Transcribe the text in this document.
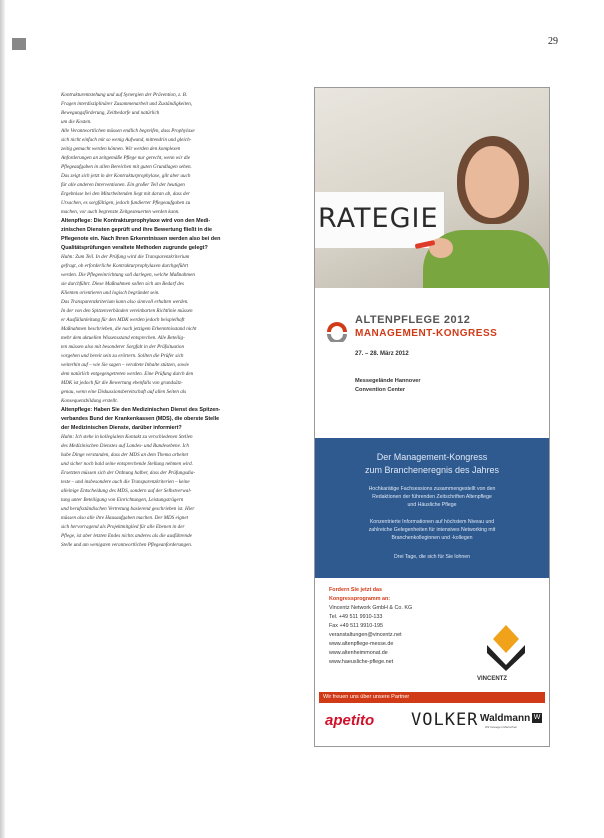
29

Kontrakturentstehung und auf Synergien der Prävention, z. B.

Fragen interdisziplinärer Zusammenarbeit und Zuständigkeiten,

Bewegungsförderung, Zeitbedarfe und natürlich

um die Kosten.

Alle Verantwortlichen müssen endlich begreifen, dass Prophylaxe

sich nicht einfach mit so wenig Aufwand, mittendrin und gleich-

zeitig gemacht werden können. Wir werden den komplexen

Anforderungen an zeitgemäße Pflege nur gerecht, wenn wir die

Pflegeaufgaben in allen Bereichen mit guten Grundlagen sehen.

Das zeigt sich jetzt in der Kontrakturprophylaxe, gilt aber auch

für alle anderen Interventionen. Ein großer Teil der heutigen

Ergebnisse bei den Mitarbeitenden liegt mit daran ab, dass der

Ursachen, es sorgfältigen, jedoch fundierter Pflegeaufgaben zu

machen, vor auch begrenzte Zeitgesteuerten werden kann.

Altenpflege: Die Kontrakturprophylaxe wird von den Medi-

zinischen Diensten geprüft und ihre Bewertung fließt in die

Pflegenote ein. Nach Ihren Erkenntnissen werden also bei den

Qualitätsprüfungen veraltete Methoden zugrunde gelegt?

Huhn: Zum Teil. In der Prüfung wird die Transparenzkriterium

gefragt, ob erforderliche Kontrakturprophylaxen durchgeführt

werden. Die Pflegeeinrichtung soll darlegen, welche Maßnahmen

sie durchführt. Diese Maßnahmen sollen sich am Bedarf des

Klienten orientieren und logisch begründet sein.

Das Transparenzkriterium kann also sinnvoll erhalten werden.

In der von den Spitzenverbänden vereinbarten Richtlinie müssen

er Ausfüllanleitung für den MDK werden jedoch beispielhaft

Maßnahmen beschrieben, die nach jetzigem Erkenntnisstand nicht

mehr dem aktuellen Wissensstand entsprechen. Alle Beteilig-

ten müssen also mit besonderer Sorgfalt in der Prüfsituation

vorgehen und bereit sein zu erörtern. Sollten die Prüfer sich

weiterhin auf – wie Sie sagen – veraltete Inhalte stützen, sowie

dem natürlich entgegengetreten werden. Eine Prüfung durch den

MDK ist jedoch für die Bewertung ebenfalls von grundsätz-

genau, wenn eine Diskussionsbereitschaft auf allen Seiten als

Konsequenzbildung erstellt.

Altenpflege: Haben Sie den Medizinischen Dienst des Spitzen-

verbandes Bund der Krankenkassen (MDS), die oberste Stelle

der Medizinischen Dienste, darüber informiert?

Huhn: Ich stehe in kollegialem Kontakt zu verschiedenen Stellen

des Medizinischen Dienstes auf Landes- und Bundesebene. Ich

habe Dinge verstanden, dass der MDS an dem Thema arbeitet

und sicher noch bald seine entsprechende Stellung nehmen wird.

Ersetzten müssen sich der Ordnung halber, dass der Prüfungsdia-

teste – und insbesondere auch die Transparenzkriterien – keine

alleinige Entscheidung des MDS, sondern auf der Selbstverwal-

tung unter Beteiligung von Einrichtungen, Leistungsträgern

und berufsständischen Vertretung basierend geschrieben ist. Hier

müssen also alle ihre Hausaufgaben machen. Der MDS eignet

sich hervorragend als Projektmitglied für alle Ebenen in der

Pflege, ist aber letzten Endes nichts anderes als die ausführende

Stelle und am wenigsten verantwortlichen Pflegeanforderungen.

RATEGIE
ALTENPFLEGE 2012
MANAGEMENT-KONGRESS
27. – 28. März 2012
Messegelände Hannover
Convention Center
Der Management-Kongress
zum Brancheneregnis des Jahres
Hochkarätige Fachsessions zusammengestellt von den
Redaktionen der führenden Zeitschriften Altenpflege
und Häusliche Pflege
Konzentrierte Informationen auf höchstem Niveau und
zahlreiche Gelegenheiten für intensives Networking mit
Branchenkolleginnen und -kollegen
Drei Tage, die sich für Sie lohnen
Fordern Sie jetzt das
Kongressprogramm an:
Vincentz Network GmbH & Co. KG
Tel. +49 511 9910-133
Fax +49 511 9910-195
veranstaltungen@vincentz.net
www.altenpflege-messe.de
www.altenheimmonat.de
www.haeusliche-pflege.net
VINCENTZ
Wir freuen uns über unsere Partner
apetito VOLKER Waldmann W
Wir bewegen Menschen
